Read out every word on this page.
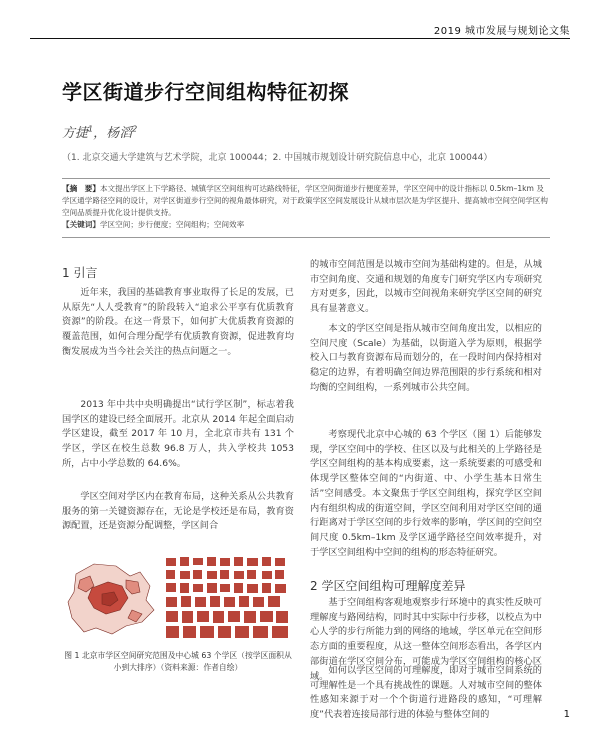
2019 城市发展与规划论文集
学区街道步行空间组构特征初探
方捷$^1$，杨滔$^2$
（1. 北京交通大学建筑与艺术学院，北京 100044；2. 中国城市规划设计研究院信息中心，北京 100044）
【摘　要】本文提出学区上下学路径、城镇学区空间组构可达路线特征，学区空间街道步行便度差异，学区空间中的设计指标以 0.5km–1km 及学区通学路径空间的设计，对学区街道步行空间的视角最体研究，对于政策学区空间发展设计从城市层次是为学区提升、提高城市空间空间学区构空间品质提升优化设计提供支持。
【关键词】学区空间；步行便度；空间组构；空间效率
1 引言
近年来，我国的基础教育事业取得了长足的发展，已从原先“人人受教育”的阶段转入“追求公平享有优质教育资源”的阶段。在这一背景下，如何扩大优质教育资源的覆盖范围，如何合理分配学有优质教育资源，促进教育均衡发展成为当今社会关注的热点问题之一。
2013 年中共中央明确提出“试行学区制”，标志着我国学区的建设已经全面展开。北京从 2014 年起全面启动学区建设，截至 2017 年 10 月，全北京市共有 131 个学区，学区在校生总数 96.8 万人，共入学校共 1053 所，占中小学总数的 64.6%。
学区空间对学区内在教育布局，这种关系从公共教育服务的第一关键资源存在，无论是学校还是布局，教育资源配置，还是资源分配调整，学区间合
图 1 北京市学区空间研究范围及中心城 63 个学区（按学区面积从小到大排序）（资料来源：作者自绘）
的城市空间范围是以城市空间为基础构建的。但是，从城市空间角度、交通和规划的角度专门研究学区内专项研究方对更多，因此，以城市空间视角来研究学区空间的研究具有显著意义。
本文的学区空间是指从城市空间角度出发，以相应的空间尺度（Scale）为基础，以街道入学为原则，根据学校入口与教育资源布局而划分的，在一段时间内保持相对稳定的边界，有着明确空间边界范围限的步行系统和相对均衡的空间组构，一系列城市公共空间。
考察现代北京中心城的 63 个学区（图 1）后能够发现，学区空间中的学校、住区以及与此相关的上学路径是学区空间组构的基本构成要素，这一系统要素的可感受和体现学区整体空间的“内街道、中、小学生基本日常生活”空间感受。本文聚焦于学区空间组构，探究学区空间内有组织构成的街道空间，学区空间利用对学区空间的通行距离对于学区空间的步行效率的影响，学区间的空间空间尺度 0.5km–1km 及学区通学路径空间效率提升，对于学区空间组构中空间的组构的形态特征研究。
2 学区空间组构可理解度差异
基于空间组构客观地观察步行环境中的真实性反映可理解度与路网结构，同时其中实际中行步移，以校点为中心人学的步行所能力到的网络的地域，学区单元在空间形态方面的重要程度，从这一整体空间形态看出，各学区内部街道在学区空间分布，可能成为学区空间组构的核心区域。
如何以学区空间的可理解度，即对于城市空间系统的可理解性是一个具有挑战性的课题。人对城市空间的整体性感知来源于对一个个街道行进路段的感知，“可理解度”代表着连接局部行进的体验与整体空间的	1
